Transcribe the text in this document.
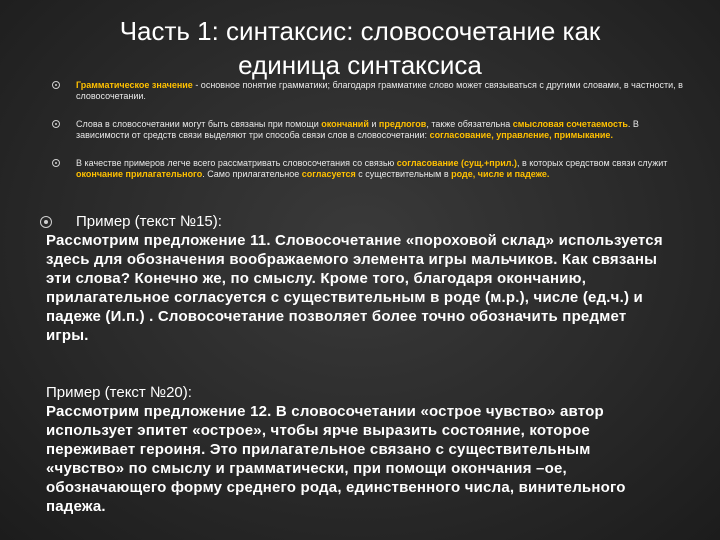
Часть 1: синтаксис: словосочетание как
единица синтаксиса
Грамматическое значение - основное понятие грамматики; благодаря грамматике слово может связываться с другими словами, в частности, в словосочетании.
Слова в словосочетании могут быть связаны при помощи окончаний и предлогов, также обязательна смысловая сочетаемость. В зависимости от средств связи выделяют три способа связи слов в словосочетании: согласование, управление, примыкание.
В качестве примеров легче всего рассматривать словосочетания со связью согласование (сущ.+прил.), в которых средством связи служит окончание прилагательного. Само прилагательное согласуется с существительным в роде, числе и падеже.
Пример (текст №15):
Рассмотрим предложение 11. Словосочетание «пороховой склад» используется здесь для обозначения воображаемого элемента игры мальчиков. Как связаны эти слова? Конечно же, по смыслу. Кроме того, благодаря окончанию, прилагательное согласуется с существительным в роде (м.р.), числе (ед.ч.) и падеже (И.п.) . Словосочетание позволяет более точно обозначить предмет игры.
Пример (текст №20):
Рассмотрим предложение 12. В словосочетании «острое чувство» автор использует эпитет «острое», чтобы ярче выразить состояние, которое переживает героиня. Это прилагательное связано с существительным «чувство» по смыслу и грамматически, при помощи окончания –ое, обозначающего форму среднего рода, единственного числа, винительного падежа.
